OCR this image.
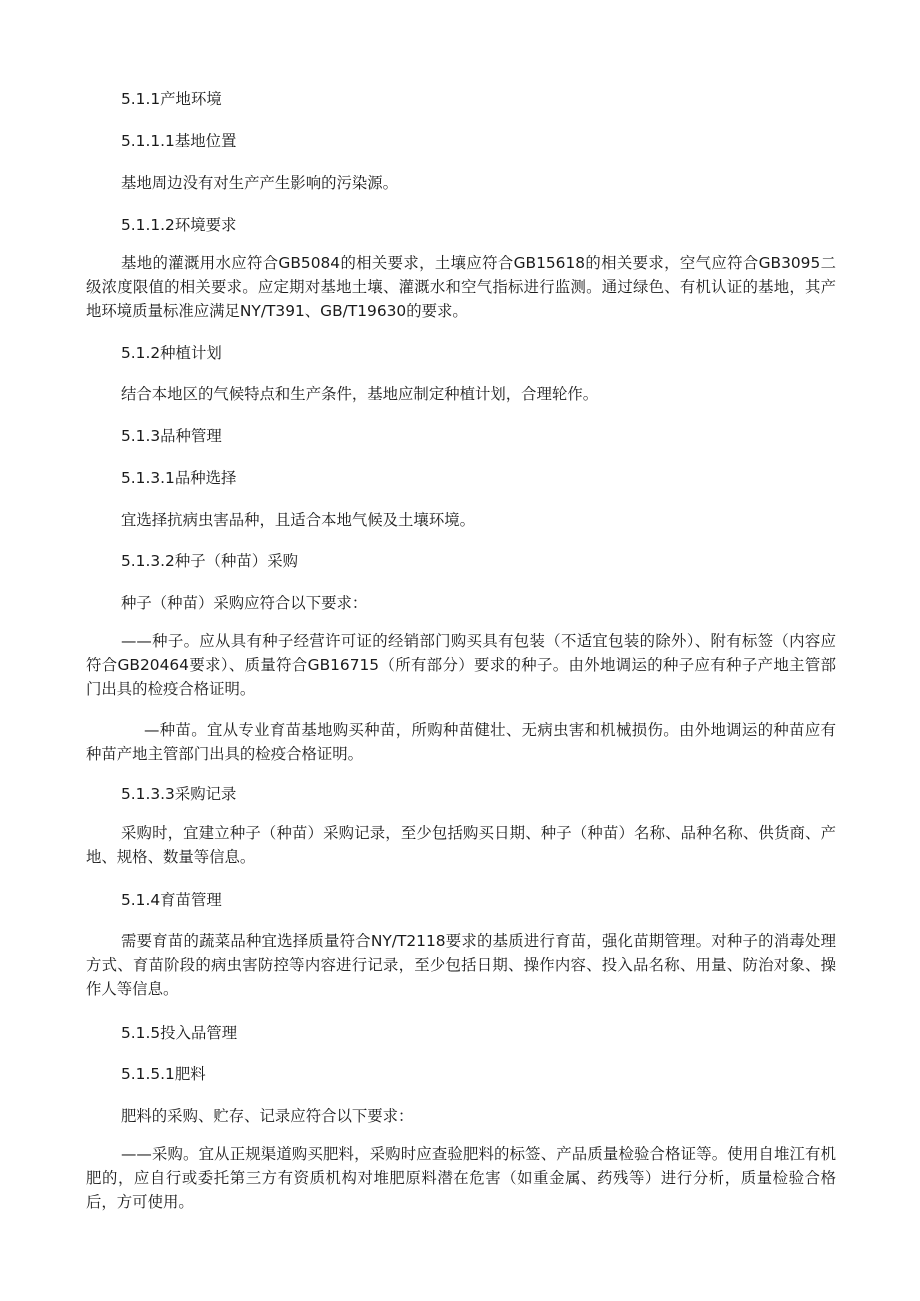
5.1.1产地环境
5.1.1.1基地位置
基地周边没有对生产产生影响的污染源。
5.1.1.2环境要求
基地的灌溉用水应符合GB5084的相关要求，土壤应符合GB15618的相关要求，空气应符合GB3095二级浓度限值的相关要求。应定期对基地土壤、灌溉水和空气指标进行监测。通过绿色、有机认证的基地，其产地环境质量标准应满足NY/T391、GB/T19630的要求。
5.1.2种植计划
结合本地区的气候特点和生产条件，基地应制定种植计划，合理轮作。
5.1.3品种管理
5.1.3.1品种选择
宜选择抗病虫害品种，且适合本地气候及土壤环境。
5.1.3.2种子（种苗）采购
种子（种苗）采购应符合以下要求：
——种子。应从具有种子经营许可证的经销部门购买具有包装（不适宜包装的除外）、附有标签（内容应符合GB20464要求）、质量符合GB16715（所有部分）要求的种子。由外地调运的种子应有种子产地主管部门出具的检疫合格证明。
—种苗。宜从专业育苗基地购买种苗，所购种苗健壮、无病虫害和机械损伤。由外地调运的种苗应有种苗产地主管部门出具的检疫合格证明。
5.1.3.3采购记录
采购时，宜建立种子（种苗）采购记录，至少包括购买日期、种子（种苗）名称、品种名称、供货商、产地、规格、数量等信息。
5.1.4育苗管理
需要育苗的蔬菜品种宜选择质量符合NY/T2118要求的基质进行育苗，强化苗期管理。对种子的消毒处理方式、育苗阶段的病虫害防控等内容进行记录，至少包括日期、操作内容、投入品名称、用量、防治对象、操作人等信息。
5.1.5投入品管理
5.1.5.1肥料
肥料的采购、贮存、记录应符合以下要求：
——采购。宜从正规渠道购买肥料，采购时应查验肥料的标签、产品质量检验合格证等。使用自堆江有机肥的，应自行或委托第三方有资质机构对堆肥原料潜在危害（如重金属、药残等）进行分析，质量检验合格后，方可使用。
